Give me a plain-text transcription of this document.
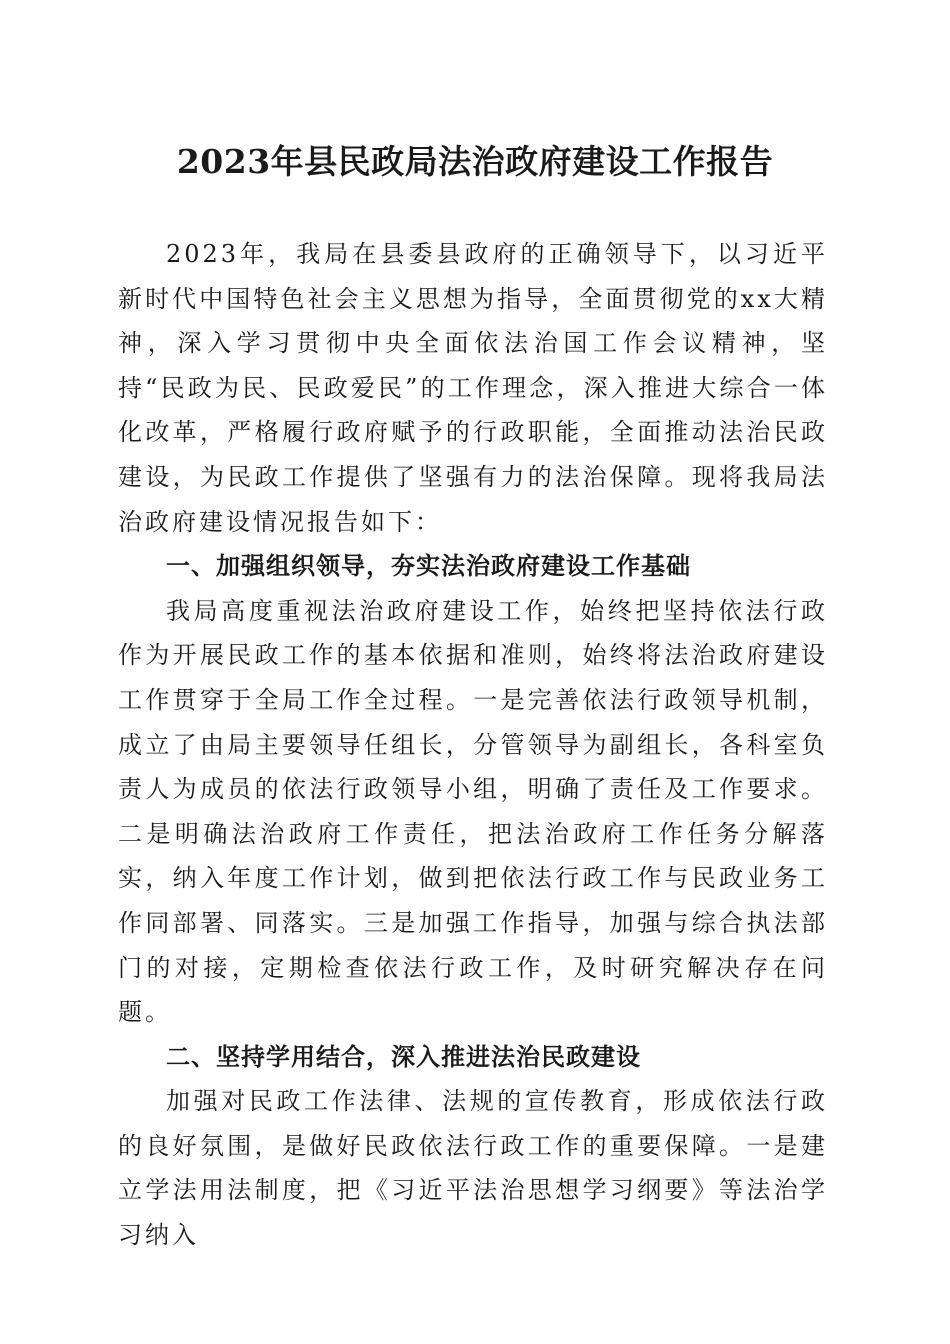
2023年县民政局法治政府建设工作报告

2023年，我局在县委县政府的正确领导下，以习近平新时代中国特色社会主义思想为指导，全面贯彻党的xx大精神，深入学习贯彻中央全面依法治国工作会议精神，坚持“民政为民、民政爱民”的工作理念，深入推进大综合一体化改革，严格履行政府赋予的行政职能，全面推动法治民政建设，为民政工作提供了坚强有力的法治保障。现将我局法治政府建设情况报告如下：

一、加强组织领导，夯实法治政府建设工作基础

我局高度重视法治政府建设工作，始终把坚持依法行政作为开展民政工作的基本依据和准则，始终将法治政府建设工作贯穿于全局工作全过程。一是完善依法行政领导机制，成立了由局主要领导任组长，分管领导为副组长，各科室负责人为成员的依法行政领导小组，明确了责任及工作要求。二是明确法治政府工作责任，把法治政府工作任务分解落实，纳入年度工作计划，做到把依法行政工作与民政业务工作同部署、同落实。三是加强工作指导，加强与综合执法部门的对接，定期检查依法行政工作，及时研究解决存在问题。

二、坚持学用结合，深入推进法治民政建设

加强对民政工作法律、法规的宣传教育，形成依法行政的良好氛围，是做好民政依法行政工作的重要保障。一是建立学法用法制度，把《习近平法治思想学习纲要》等法治学习纳入
